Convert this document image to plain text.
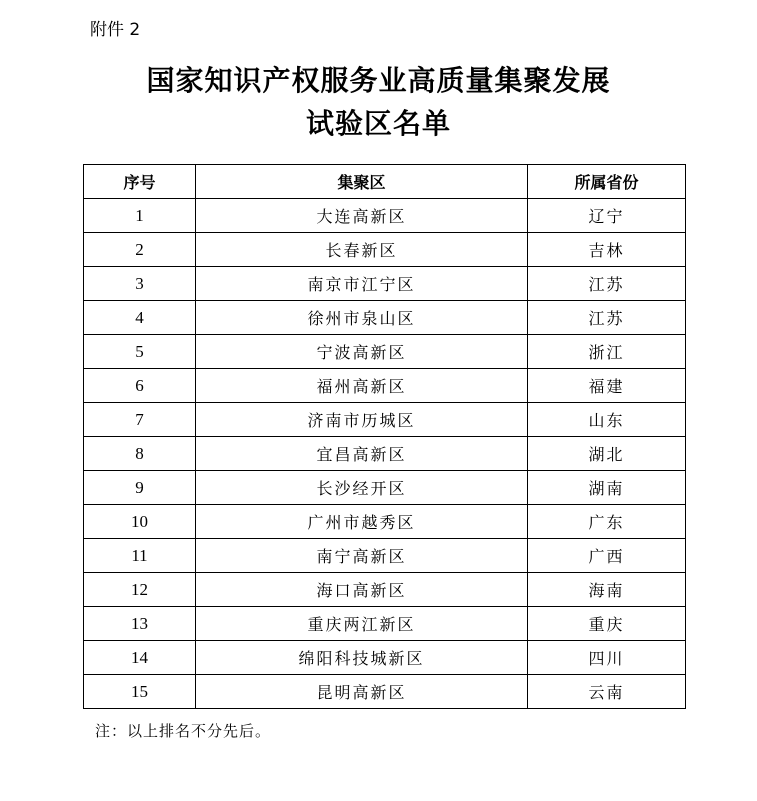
附件 2
国家知识产权服务业高质量集聚发展
试验区名单
序号	集聚区	所属省份
1	大连高新区	辽宁
2	长春新区	吉林
3	南京市江宁区	江苏
4	徐州市泉山区	江苏
5	宁波高新区	浙江
6	福州高新区	福建
7	济南市历城区	山东
8	宜昌高新区	湖北
9	长沙经开区	湖南
10	广州市越秀区	广东
11	南宁高新区	广西
12	海口高新区	海南
13	重庆两江新区	重庆
14	绵阳科技城新区	四川
15	昆明高新区	云南
注：以上排名不分先后。
